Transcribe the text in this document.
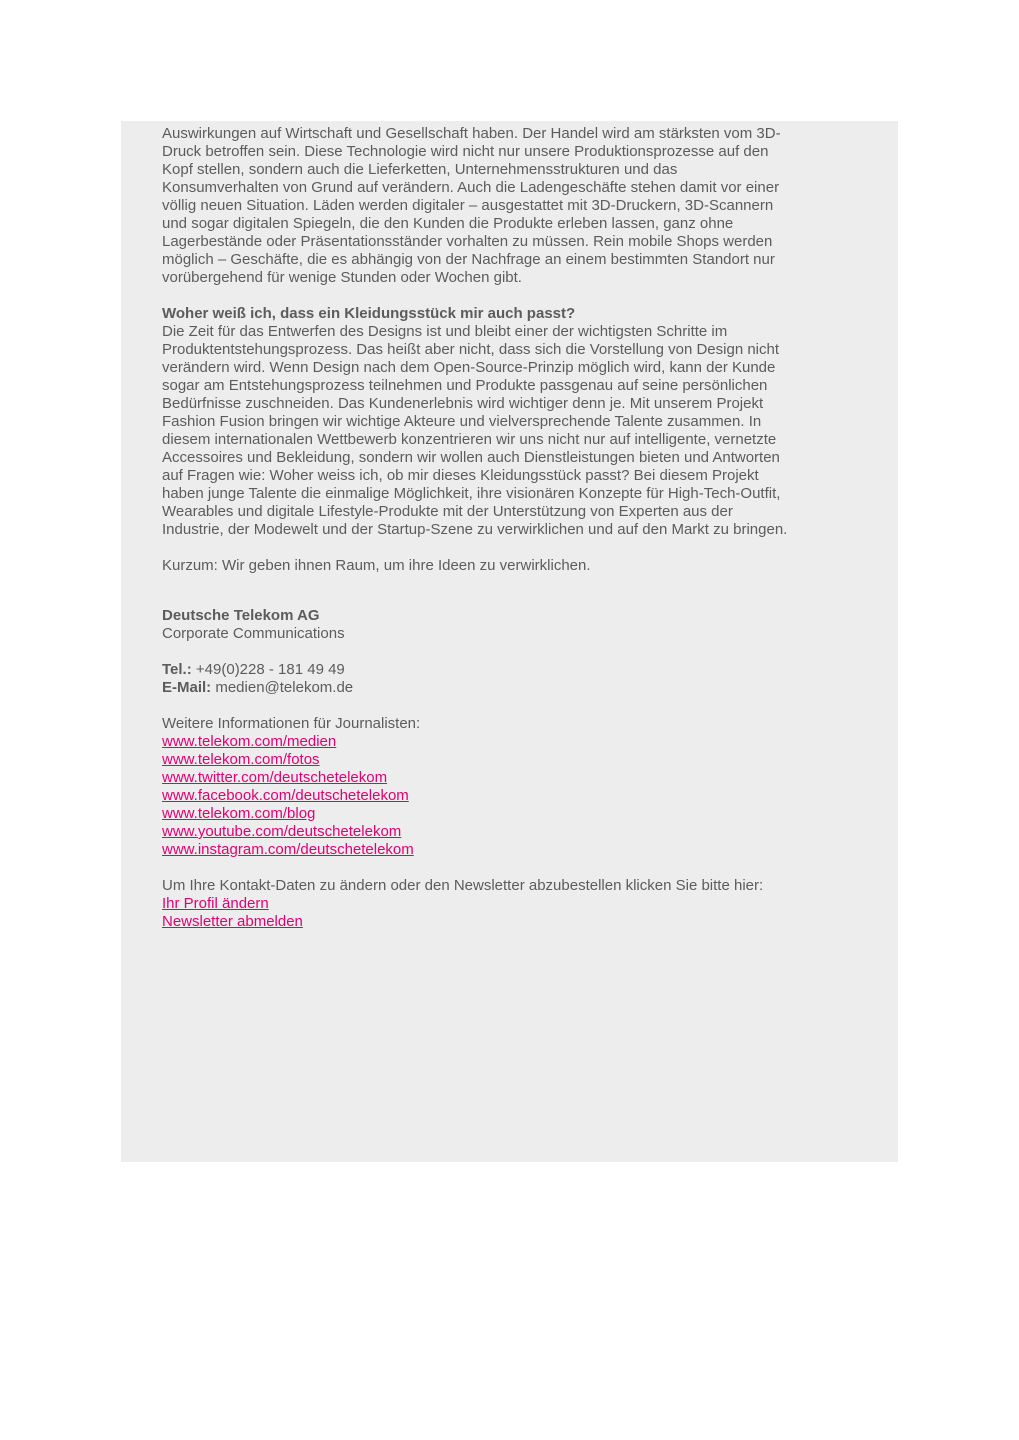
Auswirkungen auf Wirtschaft und Gesellschaft haben. Der Handel wird am stärksten vom 3D-Druck betroffen sein. Diese Technologie wird nicht nur unsere Produktionsprozesse auf den Kopf stellen, sondern auch die Lieferketten, Unternehmensstrukturen und das Konsumverhalten von Grund auf verändern. Auch die Ladengeschäfte stehen damit vor einer völlig neuen Situation. Läden werden digitaler – ausgestattet mit 3D-Druckern, 3D-Scannern und sogar digitalen Spiegeln, die den Kunden die Produkte erleben lassen, ganz ohne Lagerbestände oder Präsentationsständer vorhalten zu müssen. Rein mobile Shops werden möglich – Geschäfte, die es abhängig von der Nachfrage an einem bestimmten Standort nur vorübergehend für wenige Stunden oder Wochen gibt.

Woher weiß ich, dass ein Kleidungsstück mir auch passt?

Die Zeit für das Entwerfen des Designs ist und bleibt einer der wichtigsten Schritte im Produktentstehungsprozess. Das heißt aber nicht, dass sich die Vorstellung von Design nicht verändern wird. Wenn Design nach dem Open-Source-Prinzip möglich wird, kann der Kunde sogar am Entstehungsprozess teilnehmen und Produkte passgenau auf seine persönlichen Bedürfnisse zuschneiden. Das Kundenerlebnis wird wichtiger denn je. Mit unserem Projekt Fashion Fusion bringen wir wichtige Akteure und vielversprechende Talente zusammen. In diesem internationalen Wettbewerb konzentrieren wir uns nicht nur auf intelligente, vernetzte Accessoires und Bekleidung, sondern wir wollen auch Dienstleistungen bieten und Antworten auf Fragen wie: Woher weiss ich, ob mir dieses Kleidungsstück passt? Bei diesem Projekt haben junge Talente die einmalige Möglichkeit, ihre visionären Konzepte für High-Tech-Outfit, Wearables und digitale Lifestyle-Produkte mit der Unterstützung von Experten aus der Industrie, der Modewelt und der Startup-Szene zu verwirklichen und auf den Markt zu bringen.

Kurzum: Wir geben ihnen Raum, um ihre Ideen zu verwirklichen.

Deutsche Telekom AG
Corporate Communications
Tel.: +49(0)228 - 181 49 49
E-Mail: medien@telekom.de
Weitere Informationen für Journalisten:
www.telekom.com/medien
www.telekom.com/fotos
www.twitter.com/deutschetelekom
www.facebook.com/deutschetelekom
www.telekom.com/blog
www.youtube.com/deutschetelekom
www.instagram.com/deutschetelekom
Um Ihre Kontakt-Daten zu ändern oder den Newsletter abzubestellen klicken Sie bitte hier:
Ihr Profil ändern
Newsletter abmelden
